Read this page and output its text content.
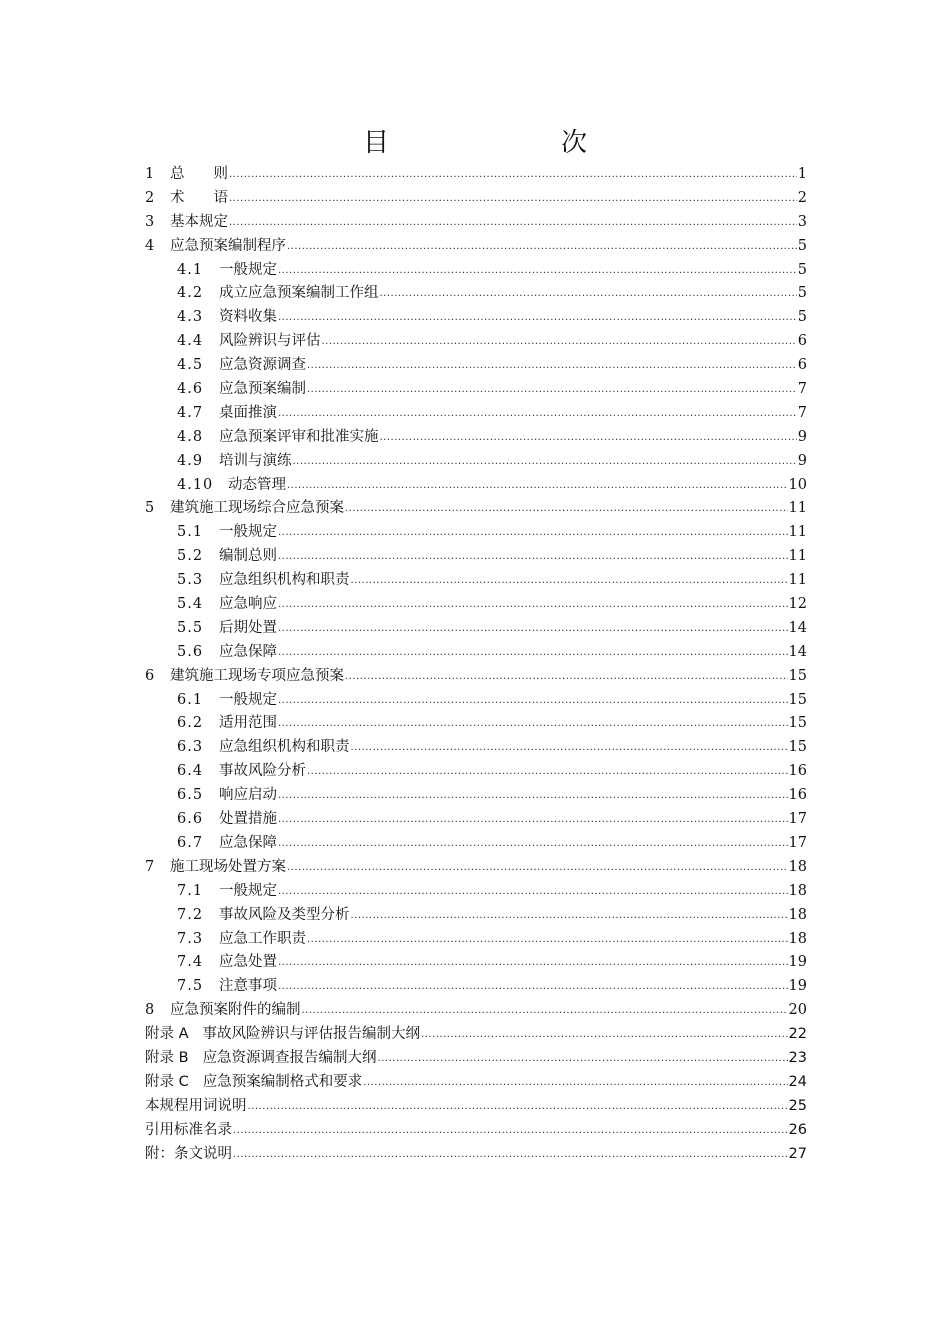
目　　次
1	总　　则 .....	1
2	术　　语 .....	2
3	基本规定 .....	3
4	应急预案编制程序 .....	5
4.1	一般规定 .....	5
4.2	成立应急预案编制工作组 .....	5
4.3	资料收集 .....	5
4.4	风险辨识与评估 .....	6
4.5	应急资源调查 .....	6
4.6	应急预案编制 .....	7
4.7	桌面推演 .....	7
4.8	应急预案评审和批准实施 .....	9
4.9	培训与演练 .....	9
4.10	动态管理 .....	10
5	建筑施工现场综合应急预案 .....	11
5.1	一般规定 .....	11
5.2	编制总则 .....	11
5.3	应急组织机构和职责 .....	11
5.4	应急响应 .....	12
5.5	后期处置 .....	14
5.6	应急保障 .....	14
6	建筑施工现场专项应急预案 .....	15
6.1	一般规定 .....	15
6.2	适用范围 .....	15
6.3	应急组织机构和职责 .....	15
6.4	事故风险分析 .....	16
6.5	响应启动 .....	16
6.6	处置措施 .....	17
6.7	应急保障 .....	17
7	施工现场处置方案 .....	18
7.1	一般规定 .....	18
7.2	事故风险及类型分析 .....	18
7.3	应急工作职责 .....	18
7.4	应急处置 .....	19
7.5	注意事项 .....	19
8	应急预案附件的编制 .....	20
附录 A 事故风险辨识与评估报告编制大纲 .....	22
附录 B 应急资源调查报告编制大纲 .....	23
附录 C 应急预案编制格式和要求 .....	24
本规程用词说明 .....	25
引用标准名录 .....	26
附：条文说明 .....	27
